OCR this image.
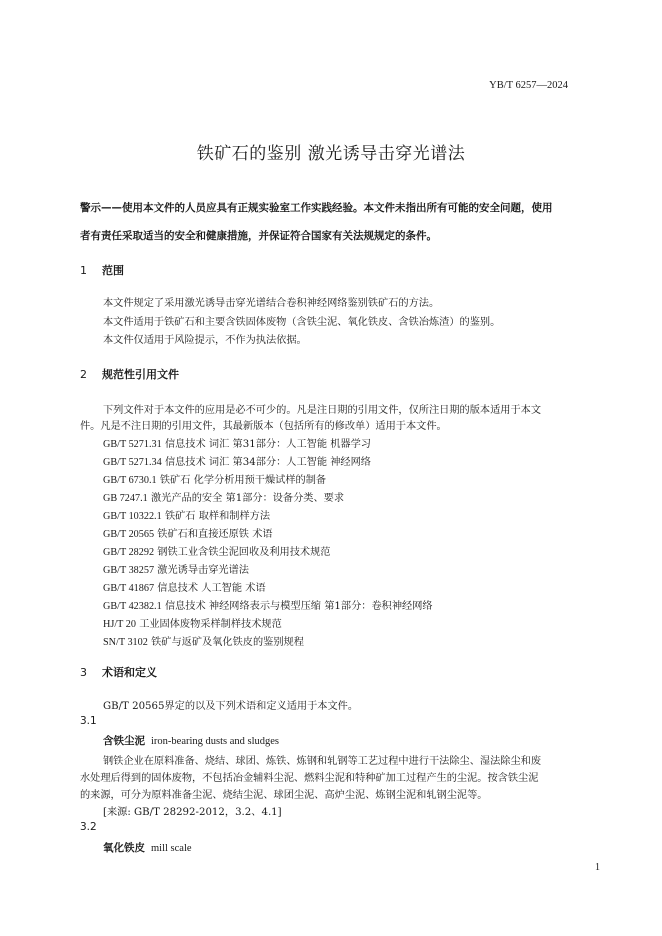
YB/T 6257—2024
铁矿石的鉴别 激光诱导击穿光谱法
警示——使用本文件的人员应具有正规实验室工作实践经验。本文件未指出所有可能的安全问题，使用
者有责任采取适当的安全和健康措施，并保证符合国家有关法规规定的条件。
1 范围
本文件规定了采用激光诱导击穿光谱结合卷积神经网络鉴别铁矿石的方法。
本文件适用于铁矿石和主要含铁固体废物（含铁尘泥、氧化铁皮、含铁冶炼渣）的鉴别。
本文件仅适用于风险提示，不作为执法依据。
2 规范性引用文件
下列文件对于本文件的应用是必不可少的。凡是注日期的引用文件，仅所注日期的版本适用于本文
件。凡是不注日期的引用文件，其最新版本（包括所有的修改单）适用于本文件。
GB/T 5271.31 信息技术 词汇 第31部分：人工智能 机器学习
GB/T 5271.34 信息技术 词汇 第34部分：人工智能 神经网络
GB/T 6730.1 铁矿石 化学分析用预干燥试样的制备
GB 7247.1 激光产品的安全 第1部分：设备分类、要求
GB/T 10322.1 铁矿石 取样和制样方法
GB/T 20565 铁矿石和直接还原铁 术语
GB/T 28292 钢铁工业含铁尘泥回收及利用技术规范
GB/T 38257 激光诱导击穿光谱法
GB/T 41867 信息技术 人工智能 术语
GB/T 42382.1 信息技术 神经网络表示与模型压缩 第1部分：卷积神经网络
HJ/T 20 工业固体废物采样制样技术规范
SN/T 3102 铁矿与返矿及氧化铁皮的鉴别规程
3 术语和定义
GB/T 20565界定的以及下列术语和定义适用于本文件。
3.1
含铁尘泥 iron-bearing dusts and sludges
钢铁企业在原料准备、烧结、球团、炼铁、炼钢和轧钢等工艺过程中进行干法除尘、湿法除尘和废
水处理后得到的固体废物，不包括冶金辅料尘泥、燃料尘泥和特种矿加工过程产生的尘泥。按含铁尘泥
的来源，可分为原料准备尘泥、烧结尘泥、球团尘泥、高炉尘泥、炼钢尘泥和轧钢尘泥等。
[来源: GB/T 28292-2012，3.2、4.1]
3.2
氧化铁皮 mill scale
1
